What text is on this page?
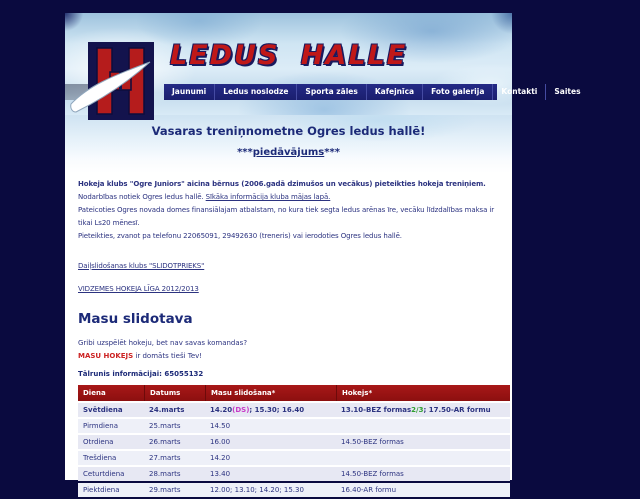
LEDUS HALLE
Jaunumi	Ledus noslodze	Sporta zāles	Kafejnīca	Foto galerija	Kontakti	Saites
Vasaras treniņnometne Ogres ledus hallē!
***piedāvājums***

Hokeja klubs "Ogre Juniors" aicina bērnus (2006.gadā dzimušos un vecākus) pieteikties hokeja treniņiem.

Nodarbības notiek Ogres ledus hallē. Sīkāka informācija kluba mājas lapā.

Pateicoties Ogres novada domes finansiālajam atbalstam, no kura tiek segta ledus arēnas īre, vecāku līdzdalības maksa ir tikai Ls20 mēnesī.

Pieteikties, zvanot pa telefonu 22065091, 29492630 (treneris) vai ierodoties Ogres ledus hallē.

Daiļslidošanas klubs "SLIDOTPRIEKS"
VIDZEMES HOKEJA LĪGA 2012/2013
Masu slidotava
Gribi uzspēlēt hokeju, bet nav savas komandas?
MASU HOKEJS ir domāts tieši Tev!
Tālrunis informācijai: 65055132
Diena	Datums	Masu slidošana*	Hokejs*
Svētdiena	24.marts	14.20(DS); 15.30; 16.40	13.10-BEZ formas2/3; 17.50-AR formu
Pirmdiena	25.marts	14.50	
Otrdiena	26.marts	16.00	14.50-BEZ formas
Trešdiena	27.marts	14.20	
Ceturtdiena	28.marts	13.40	14.50-BEZ formas
Piektdiena	29.marts	12.00; 13.10; 14.20; 15.30	16.40-AR formu
